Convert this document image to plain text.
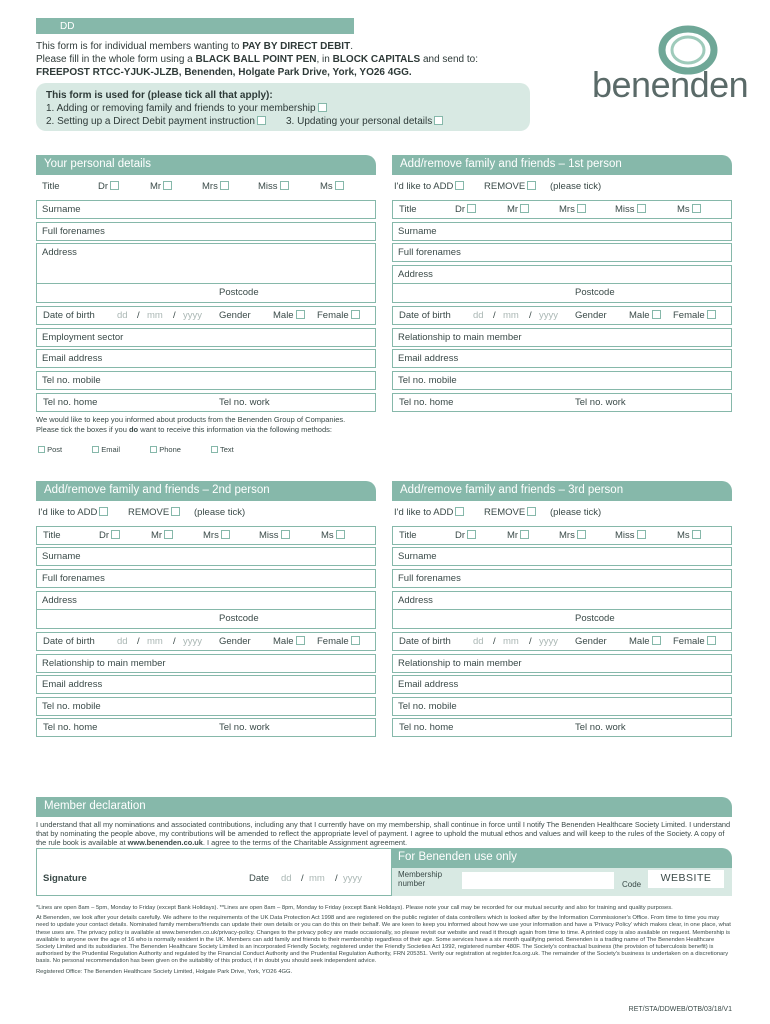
DD
This form is for individual members wanting to PAY BY DIRECT DEBIT.
Please fill in the whole form using a BLACK BALL POINT PEN, in BLOCK CAPITALS and send to:
FREEPOST RTCC-YJUK-JLZB, Benenden, Holgate Park Drive, York, YO26 4GG.
This form is used for (please tick all that apply):
1. Adding or removing family and friends to your membership
2. Setting up a Direct Debit payment instruction	3. Updating your personal details
benenden
Your personal details
Title	Dr	Mr	Mrs	Miss	Ms
Surname
Full forenames
Address
Postcode
Date of birth dd / mm / yyyy Gender Male	Female
Employment sector
Email address
Tel no. mobile
Tel no. home	Tel no. work
We would like to keep you informed about products from the Benenden Group of Companies. Please tick the boxes if you do want to receive this information via the following methods:
Post	Email	Phone	Text
Add/remove family and friends – 1st person
I'd like to ADD	REMOVE	(please tick)
Title	Dr	Mr	Mrs	Miss	Ms
Surname
Full forenames
Address
Postcode
Date of birth dd / mm / yyyy Gender Male	Female
Relationship to main member
Email address
Tel no. mobile
Tel no. home	Tel no. work
Add/remove family and friends – 2nd person
I'd like to ADD	REMOVE	(please tick)
Title	Dr	Mr	Mrs	Miss	Ms
Surname
Full forenames
Address
Postcode
Date of birth dd / mm / yyyy Gender Male	Female
Relationship to main member
Email address
Tel no. mobile
Tel no. home	Tel no. work
Add/remove family and friends – 3rd person
I'd like to ADD	REMOVE	(please tick)
Title	Dr	Mr	Mrs	Miss	Ms
Surname
Full forenames
Address
Postcode
Date of birth dd / mm / yyyy Gender Male	Female
Relationship to main member
Email address
Tel no. mobile
Tel no. home	Tel no. work
Member declaration
I understand that all my nominations and associated contributions, including any that I currently have on my membership, shall continue in force until I notify The Benenden Healthcare Society Limited. I understand that by nominating the people above, my contributions will be amended to reflect the appropriate level of payment. I agree to uphold the mutual ethos and values and will keep to the rules of the Society. A copy of the rule book is available at www.benenden.co.uk. I agree to the terms of the Charitable Assignment agreement.
Signature	Date dd / mm / yyyy
For Benenden use only
Membership number	Code
WEBSITE
*Lines are open 8am – 5pm, Monday to Friday (except Bank Holidays). **Lines are open 8am – 8pm, Monday to Friday (except Bank Holidays). Please note your call may be recorded for our mutual security and also for training and quality purposes.
At Benenden, we look after your details carefully. We adhere to the requirements of the UK Data Protection Act 1998 and are registered on the public register of data controllers which is looked after by the Information Commissioner's Office. From time to time you may need to update your contact details. Nominated family members/friends can update their own details or you can do this on their behalf. We are keen to keep you informed about how we use your information and have a 'Privacy Policy' which makes clear, in one place, what these uses are. The privacy policy is available at www.benenden.co.uk/privacy-policy. Changes to the privacy policy are made occasionally, so please revisit our website and read it through again from time to time. A printed copy is also available on request. Membership is available to anyone over the age of 16 who is normally resident in the UK. Members can add family and friends to their membership regardless of their age. Some services have a six month qualifying period. Benenden is a trading name of The Benenden Healthcare Society Limited and its subsidiaries. The Benenden Healthcare Society Limited is an incorporated Friendly Society, registered under the Friendly Societies Act 1992, registered number 480F. The Society's contractual business (the provision of tuberculosis benefit) is authorised by the Prudential Regulation Authority and regulated by the Financial Conduct Authority and the Prudential Regulation Authority, FRN 205351. Verify our registration at register.fca.org.uk. The remainder of the Society's business is undertaken on a discretionary basis. No personal recommendation has been given on the suitability of this product, if in doubt you should seek independent advice.
Registered Office: The Benenden Healthcare Society Limited, Holgate Park Drive, York, YO26 4GG.
RET/STA/DDWEB/OTB/03/18/V1
